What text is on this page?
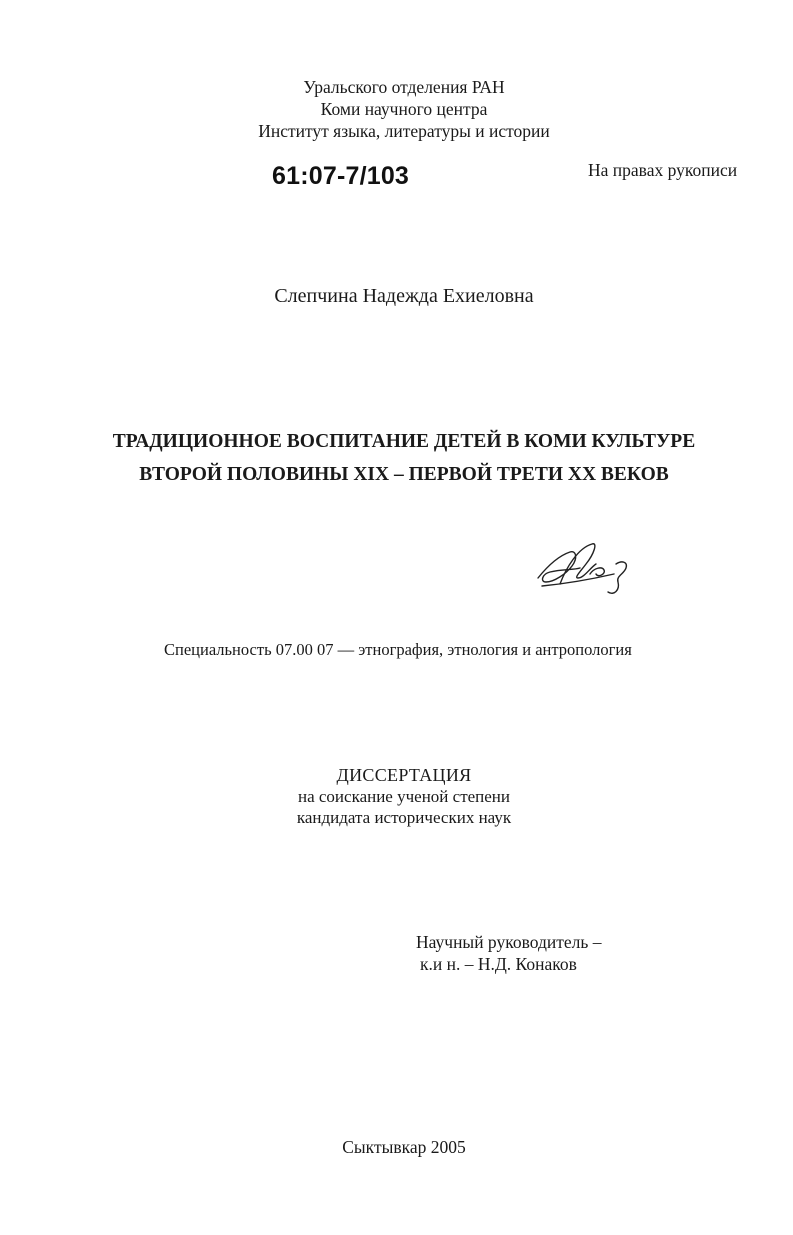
Уральского отделения РАН
Коми научного центра
Институт языка, литературы и истории
61:07-7/103	На правах рукописи
Слепчина Надежда Ехиеловна
ТРАДИЦИОННОЕ ВОСПИТАНИЕ ДЕТЕЙ В КОМИ КУЛЬТУРЕ
ВТОРОЙ ПОЛОВИНЫ XIX – ПЕРВОЙ ТРЕТИ XX ВЕКОВ
Специальность 07.00 07 — этнография, этнология и антропология
ДИССЕРТАЦИЯ
на соискание ученой степени
кандидата исторических наук
Научный руководитель –
к.и н. – Н.Д. Конаков
Сыктывкар 2005
